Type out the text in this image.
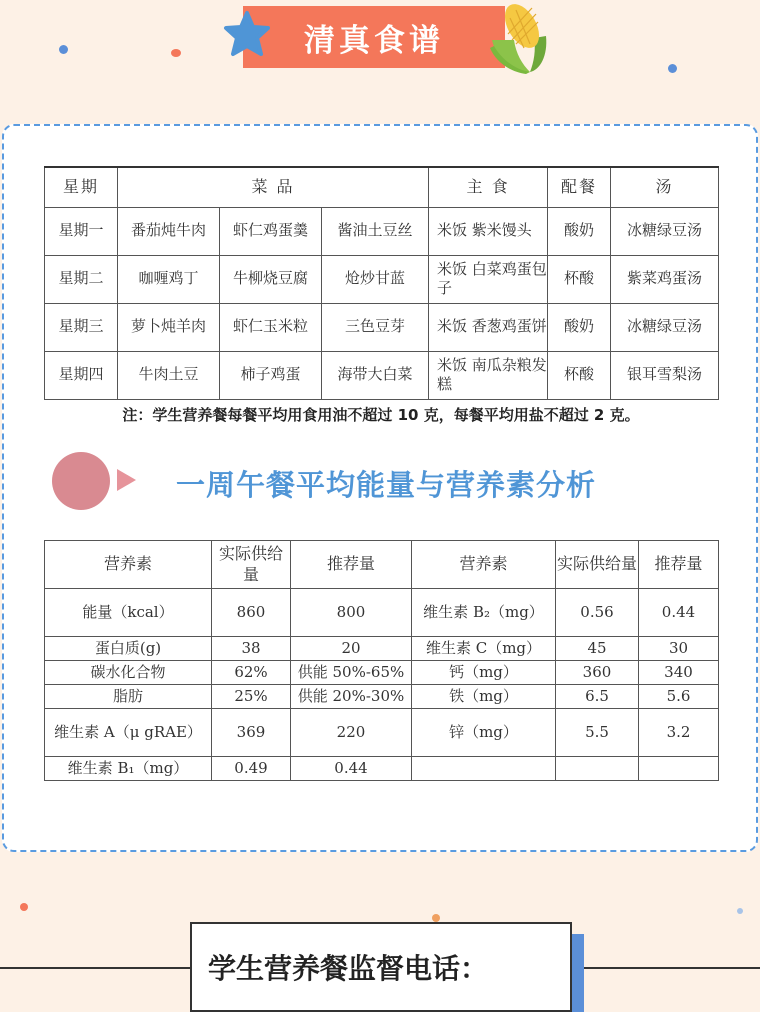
清真食谱
星期	菜 品			主 食	配餐	汤
星期一	番茄炖牛肉	虾仁鸡蛋羹	酱油土豆丝	米饭 紫米馒头	酸奶	冰糖绿豆汤
星期二	咖喱鸡丁	牛柳烧豆腐	炝炒甘蓝	米饭 白菜鸡蛋包子	杯酸	紫菜鸡蛋汤
星期三	萝卜炖羊肉	虾仁玉米粒	三色豆芽	米饭 香葱鸡蛋饼	酸奶	冰糖绿豆汤
星期四	牛肉土豆	柿子鸡蛋	海带大白菜	米饭 南瓜杂粮发糕	杯酸	银耳雪梨汤
注：学生营养餐每餐平均用食用油不超过 10 克，每餐平均用盐不超过 2 克。
一周午餐平均能量与营养素分析
营养素	实际供给量	推荐量	营养素	实际供给量	推荐量
能量（kcal）	860	800	维生素 B₂（mg）	0.56	0.44
蛋白质(g)	38	20	维生素 C（mg）	45	30
碳水化合物	62%	供能 50%-65%	钙（mg）	360	340
脂肪	25%	供能 20%-30%	铁（mg）	6.5	5.6
维生素 A（μ gRAE）	369	220	锌（mg）	5.5	3.2
维生素 B₁（mg）	0.49	0.44			
学生营养餐监督电话：
